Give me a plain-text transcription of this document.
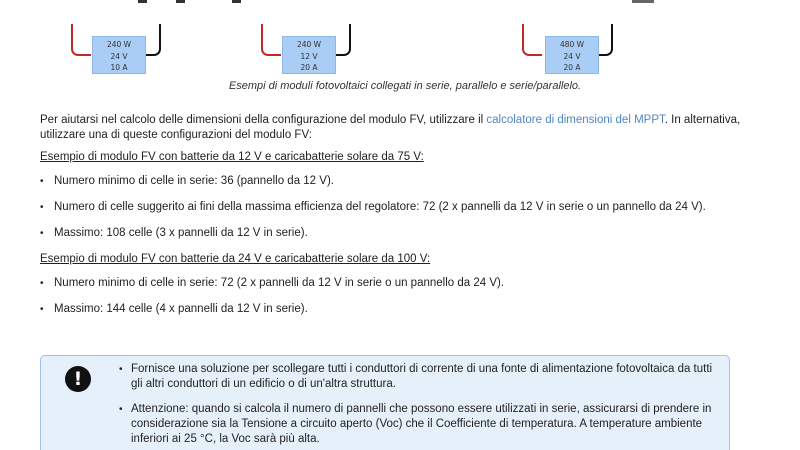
240 W
24 V
10 A
240 W
12 V
20 A
480 W
24 V
20 A
Esempi di moduli fotovoltaici collegati in serie, parallelo e serie/parallelo.

Per aiutarsi nel calcolo delle dimensioni della configurazione del modulo FV, utilizzare il calcolatore di dimensioni del MPPT. In alternativa, utilizzare una di queste configurazioni del modulo FV:

Esempio di modulo FV con batterie da 12 V e caricabatterie solare da 75 V:

• Numero minimo di celle in serie: 36 (pannello da 12 V).
• Numero di celle suggerito ai fini della massima efficienza del regolatore: 72 (2 x pannelli da 12 V in serie o un pannello da 24 V).
• Massimo: 108 celle (3 x pannelli da 12 V in serie).

Esempio di modulo FV con batterie da 24 V e caricabatterie solare da 100 V:

• Numero minimo di celle in serie: 72 (2 x pannelli da 12 V in serie o un pannello da 24 V).
• Massimo: 144 celle (4 x pannelli da 12 V in serie).
!	• Fornisce una soluzione per scollegare tutti i conduttori di corrente di una fonte di alimentazione fotovoltaica da tutti gli altri conduttori di un edificio o di un'altra struttura.
• Attenzione: quando si calcola il numero di pannelli che possono essere utilizzati in serie, assicurarsi di prendere in considerazione sia la Tensione a circuito aperto (Voc) che il Coefficiente di temperatura. A temperature ambiente inferiori ai 25 °C, la Voc sarà più alta.
